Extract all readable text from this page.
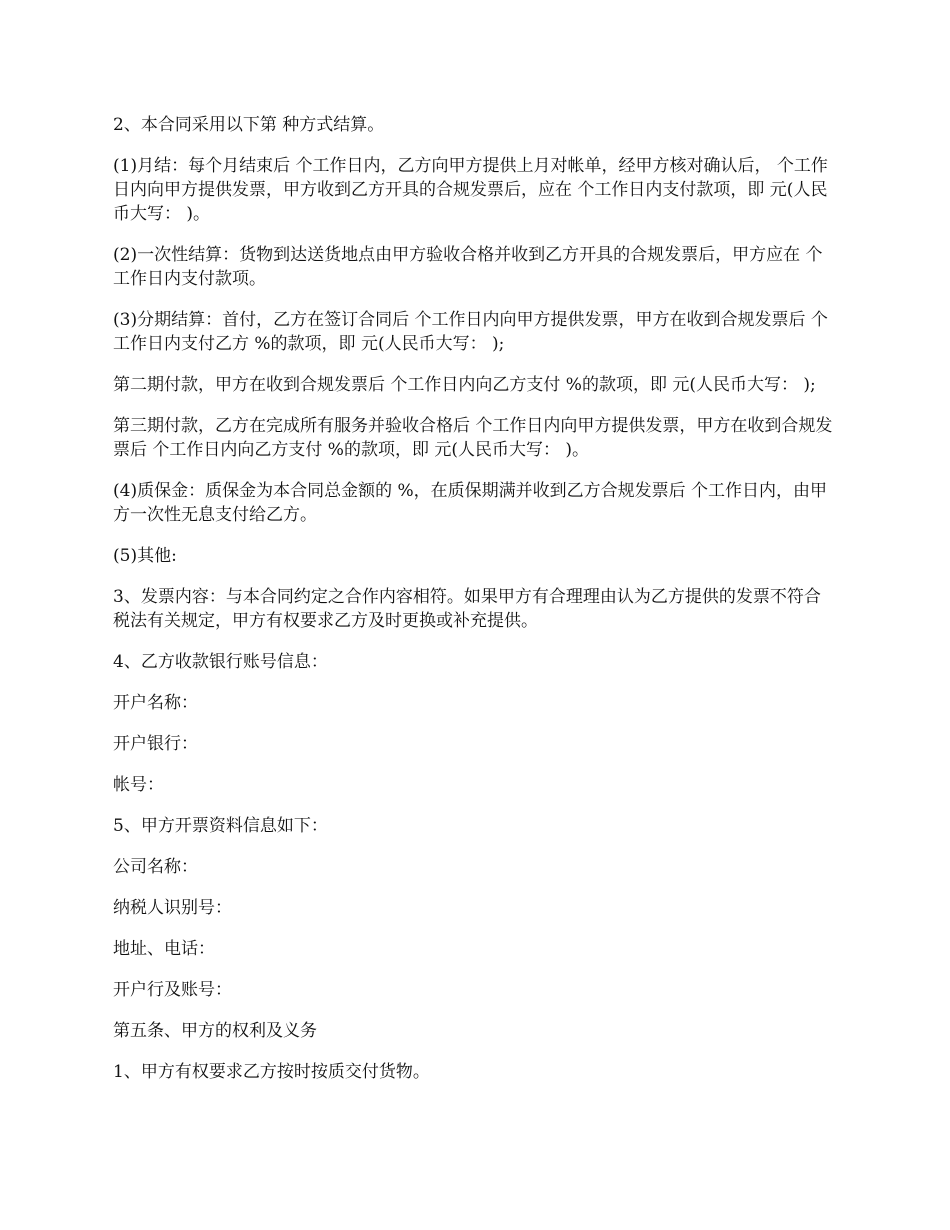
2、本合同采用以下第 种方式结算。

(1)月结：每个月结束后 个工作日内，乙方向甲方提供上月对帐单，经甲方核对确认后， 个工作日内向甲方提供发票，甲方收到乙方开具的合规发票后，应在 个工作日内支付款项，即 元(人民币大写： )。

(2)一次性结算：货物到达送货地点由甲方验收合格并收到乙方开具的合规发票后，甲方应在 个工作日内支付款项。

(3)分期结算：首付，乙方在签订合同后 个工作日内向甲方提供发票，甲方在收到合规发票后 个工作日内支付乙方 %的款项，即 元(人民币大写： );

第二期付款，甲方在收到合规发票后 个工作日内向乙方支付 %的款项，即 元(人民币大写： );

第三期付款，乙方在完成所有服务并验收合格后 个工作日内向甲方提供发票，甲方在收到合规发票后 个工作日内向乙方支付 %的款项，即 元(人民币大写： )。

(4)质保金：质保金为本合同总金额的 %，在质保期满并收到乙方合规发票后 个工作日内，由甲方一次性无息支付给乙方。

(5)其他:

3、发票内容：与本合同约定之合作内容相符。如果甲方有合理理由认为乙方提供的发票不符合税法有关规定，甲方有权要求乙方及时更换或补充提供。

4、乙方收款银行账号信息：

开户名称：

开户银行：

帐号：

5、甲方开票资料信息如下：

公司名称：

纳税人识别号：

地址、电话：

开户行及账号：

第五条、甲方的权利及义务

1、甲方有权要求乙方按时按质交付货物。
